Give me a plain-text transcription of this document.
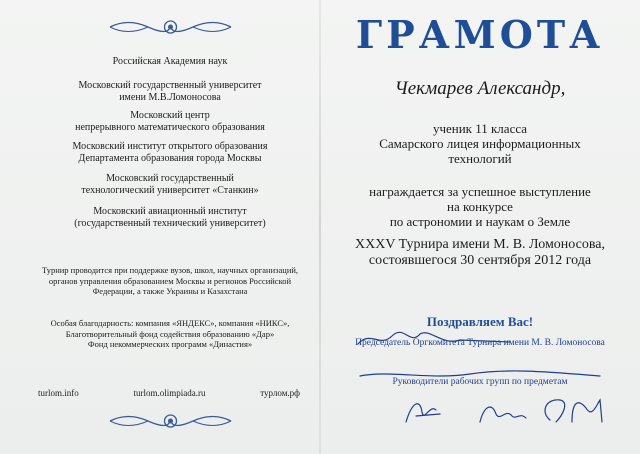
Российская Академия наук

Московский государственный университет
имени М.В.Ломоносова

Московский центр
непрерывного математического образования

Московский институт открытого образования
Департамента образования города Москвы

Московский государственный
технологический университет «Станкин»

Московский авиационный институт
(государственный технический университет)

Турнир проводится при поддержке вузов, школ, научных организаций,
органов управления образованием Москвы и регионов Российской
Федерации, а также Украины и Казахстана

Особая благодарность: компания «ЯНДЕКС», компания «НИКС»,
Благотворительный фонд содействия образованию «Дар»
Фонд некоммерческих программ «Династия»

turlom.info	turlom.olimpiada.ru	турлом.рф
ГРАМОТА

Чекмарев Александр,

ученик 11 класса
Самарского лицея информационных
технологий

награждается за успешное выступление
на конкурсе
по астрономии и наукам о Земле

XXXV Турнира имени М. В. Ломоносова,
состоявшегося 30 сентября 2012 года

Поздравляем Вас!

Председатель Оргкомитета Турнира имени М. В. Ломоносова

Руководители рабочих групп по предметам
